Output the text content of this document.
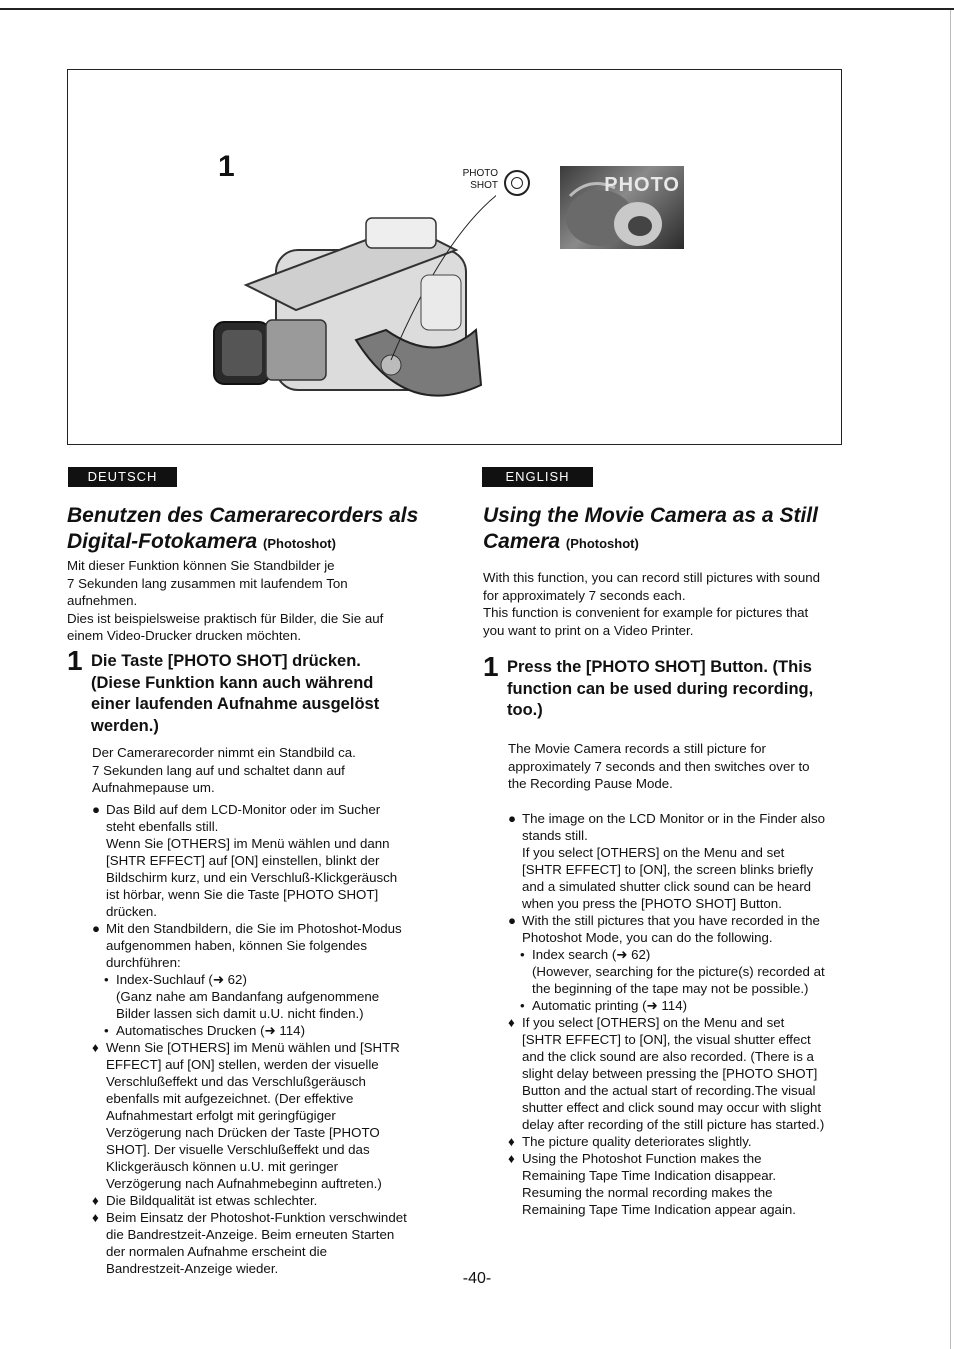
1	PHOTO
SHOT	PHOTO
DEUTSCH
Benutzen des Camerarecorders als
Digital-Fotokamera (Photoshot)
Mit dieser Funktion können Sie Standbilder je
7 Sekunden lang zusammen mit laufendem Ton
aufnehmen.
Dies ist beispielsweise praktisch für Bilder, die Sie auf
einem Video-Drucker drucken möchten.
1 Die Taste [PHOTO SHOT] drücken.
(Diese Funktion kann auch während
einer laufenden Aufnahme ausgelöst
werden.)
Der Camerarecorder nimmt ein Standbild ca.
7 Sekunden lang auf und schaltet dann auf
Aufnahmepause um.
● Das Bild auf dem LCD-Monitor oder im Sucher
steht ebenfalls still.
Wenn Sie [OTHERS] im Menü wählen und dann
[SHTR EFFECT] auf [ON] einstellen, blinkt der
Bildschirm kurz, und ein Verschluß-Klickgeräusch
ist hörbar, wenn Sie die Taste [PHOTO SHOT]
drücken.
● Mit den Standbildern, die Sie im Photoshot-Modus
aufgenommen haben, können Sie folgendes
durchführen:
• Index-Suchlauf (➜ 62)
(Ganz nahe am Bandanfang aufgenommene
Bilder lassen sich damit u.U. nicht finden.)
• Automatisches Drucken (➜ 114)
♦ Wenn Sie [OTHERS] im Menü wählen und [SHTR
EFFECT] auf [ON] stellen, werden der visuelle
Verschlußeffekt und das Verschlußgeräusch
ebenfalls mit aufgezeichnet. (Der effektive
Aufnahmestart erfolgt mit geringfügiger
Verzögerung nach Drücken der Taste [PHOTO
SHOT]. Der visuelle Verschlußeffekt und das
Klickgeräusch können u.U. mit geringer
Verzögerung nach Aufnahmebeginn auftreten.)
♦ Die Bildqualität ist etwas schlechter.
♦ Beim Einsatz der Photoshot-Funktion verschwindet
die Bandrestzeit-Anzeige. Beim erneuten Starten
der normalen Aufnahme erscheint die
Bandrestzeit-Anzeige wieder.
ENGLISH
Using the Movie Camera as a Still
Camera (Photoshot)
With this function, you can record still pictures with sound
for approximately 7 seconds each.
This function is convenient for example for pictures that
you want to print on a Video Printer.
1 Press the [PHOTO SHOT] Button. (This
function can be used during recording,
too.)
The Movie Camera records a still picture for
approximately 7 seconds and then switches over to
the Recording Pause Mode.
● The image on the LCD Monitor or in the Finder also
stands still.
If you select [OTHERS] on the Menu and set
[SHTR EFFECT] to [ON], the screen blinks briefly
and a simulated shutter click sound can be heard
when you press the [PHOTO SHOT] Button.
● With the still pictures that you have recorded in the
Photoshot Mode, you can do the following.
• Index search (➜ 62)
(However, searching for the picture(s) recorded at
the beginning of the tape may not be possible.)
• Automatic printing (➜ 114)
♦ If you select [OTHERS] on the Menu and set
[SHTR EFFECT] to [ON], the visual shutter effect
and the click sound are also recorded. (There is a
slight delay between pressing the [PHOTO SHOT]
Button and the actual start of recording.The visual
shutter effect and click sound may occur with slight
delay after recording of the still picture has started.)
♦ The picture quality deteriorates slightly.
♦ Using the Photoshot Function makes the
Remaining Tape Time Indication disappear.
Resuming the normal recording makes the
Remaining Tape Time Indication appear again.
-40-
